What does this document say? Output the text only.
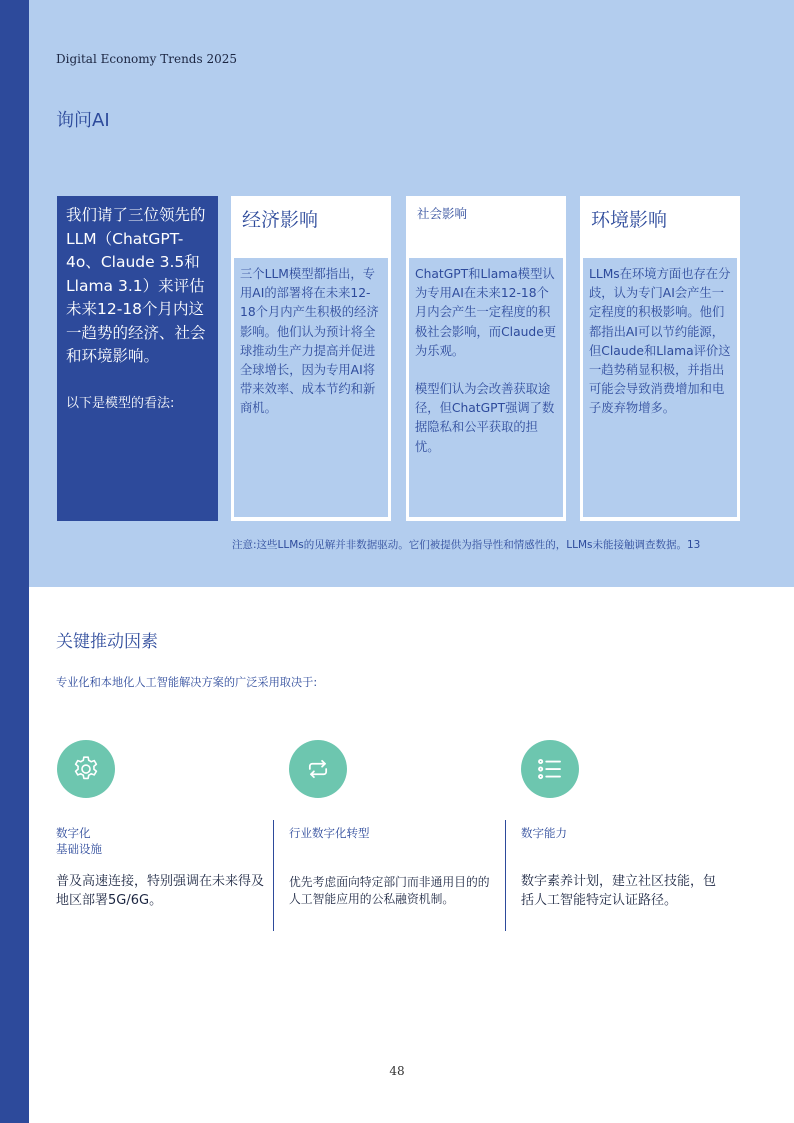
Digital Economy Trends 2025
询问AI
我们请了三位领先的LLM（ChatGPT-4o、Claude 3.5和Llama 3.1）来评估未来12-18个月内这一趋势的经济、社会和环境影响。
以下是模型的看法:
经济影响
三个LLM模型都指出，专用AI的部署将在未来12-18个月内产生积极的经济影响。他们认为预计将全球推动生产力提高并促进全球增长，因为专用AI将带来效率、成本节约和新商机。
社会影响
ChatGPT和Llama模型认为专用AI在未来12-18个月内会产生一定程度的积极社会影响，而Claude更为乐观。
模型们认为会改善获取途径，但ChatGPT强调了数据隐私和公平获取的担忧。
环境影响
LLMs在环境方面也存在分歧，认为专门AI会产生一定程度的积极影响。他们都指出AI可以节约能源，但Claude和Llama评价这一趋势稍显积极，并指出可能会导致消费增加和电子废弃物增多。
注意:这些LLMs的见解并非数据驱动。它们被提供为指导性和情感性的，LLMs未能接触调查数据。13
关键推动因素
专业化和本地化人工智能解决方案的广泛采用取决于:
数字化
基础设施
行业数字化转型	数字能力
普及高速连接，特别强调在未来得及地区部署5G/6G。
优先考虑面向特定部门而非通用目的的人工智能应用的公私融资机制。
数字素养计划，建立社区技能，包括人工智能特定认证路径。
48
